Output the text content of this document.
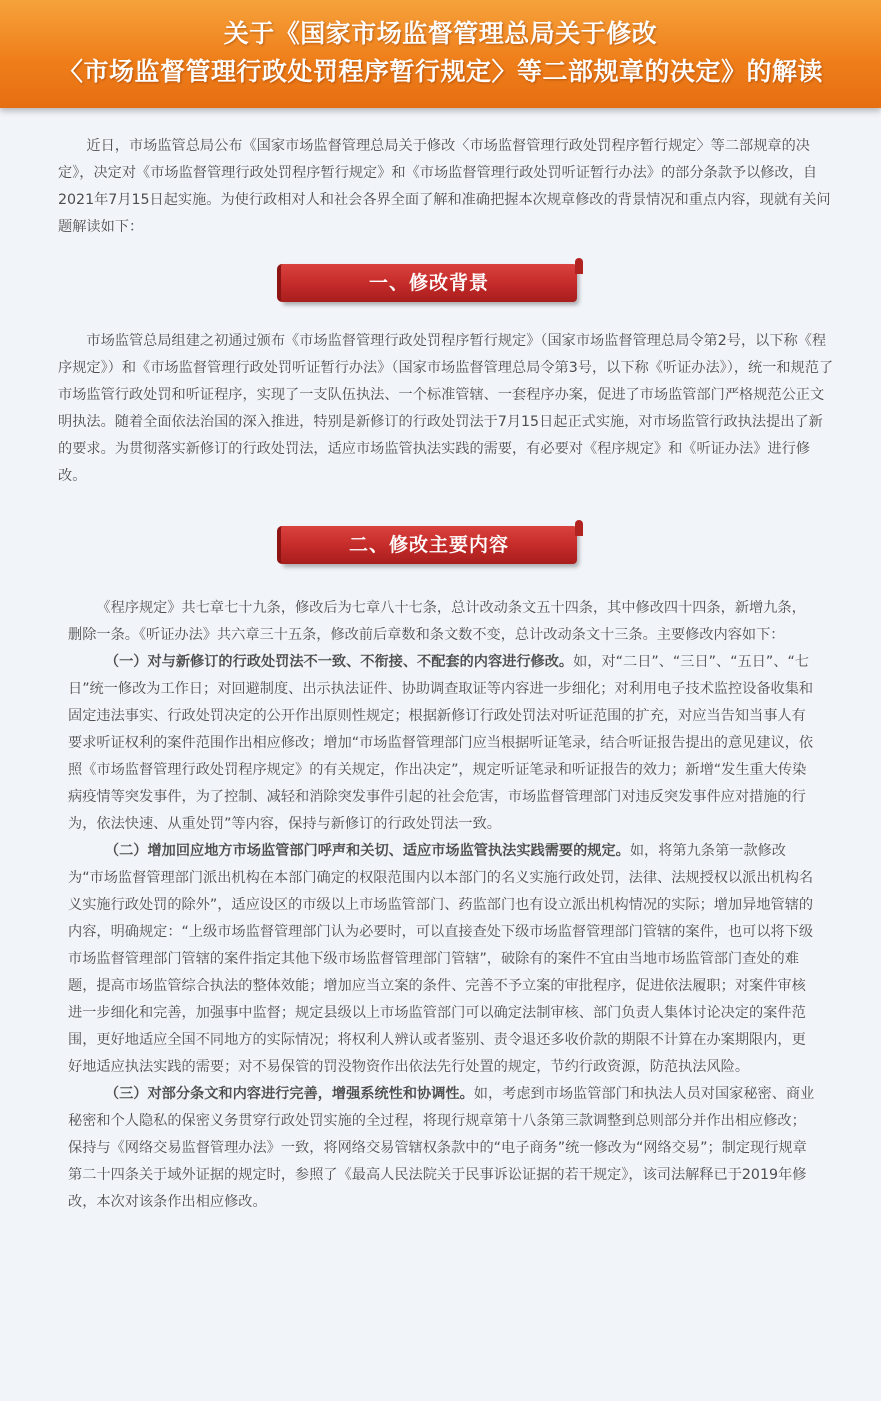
关于《国家市场监督管理总局关于修改
〈市场监督管理行政处罚程序暂行规定〉等二部规章的决定》的解读

近日，市场监管总局公布《国家市场监督管理总局关于修改〈市场监督管理行政处罚程序暂行规定〉等二部规章的决定》，决定对《市场监督管理行政处罚程序暂行规定》和《市场监督管理行政处罚听证暂行办法》的部分条款予以修改，自2021年7月15日起实施。为使行政相对人和社会各界全面了解和准确把握本次规章修改的背景情况和重点内容，现就有关问题解读如下：

一、修改背景

市场监管总局组建之初通过颁布《市场监督管理行政处罚程序暂行规定》（国家市场监督管理总局令第2号，以下称《程序规定》）和《市场监督管理行政处罚听证暂行办法》（国家市场监督管理总局令第3号，以下称《听证办法》），统一和规范了市场监管行政处罚和听证程序，实现了一支队伍执法、一个标准管辖、一套程序办案，促进了市场监管部门严格规范公正文明执法。随着全面依法治国的深入推进，特别是新修订的行政处罚法于7月15日起正式实施，对市场监管行政执法提出了新的要求。为贯彻落实新修订的行政处罚法，适应市场监管执法实践的需要，有必要对《程序规定》和《听证办法》进行修改。

二、修改主要内容

《程序规定》共七章七十九条，修改后为七章八十七条，总计改动条文五十四条，其中修改四十四条，新增九条，删除一条。《听证办法》共六章三十五条，修改前后章数和条文数不变，总计改动条文十三条。主要修改内容如下：

（一）对与新修订的行政处罚法不一致、不衔接、不配套的内容进行修改。如，对“二日”、“三日”、“五日”、“七日”统一修改为工作日；对回避制度、出示执法证件、协助调查取证等内容进一步细化；对利用电子技术监控设备收集和固定违法事实、行政处罚决定的公开作出原则性规定；根据新修订行政处罚法对听证范围的扩充，对应当告知当事人有要求听证权利的案件范围作出相应修改；增加“市场监督管理部门应当根据听证笔录，结合听证报告提出的意见建议，依照《市场监督管理行政处罚程序规定》的有关规定，作出决定”，规定听证笔录和听证报告的效力；新增“发生重大传染病疫情等突发事件，为了控制、减轻和消除突发事件引起的社会危害，市场监督管理部门对违反突发事件应对措施的行为，依法快速、从重处罚”等内容，保持与新修订的行政处罚法一致。

（二）增加回应地方市场监管部门呼声和关切、适应市场监管执法实践需要的规定。如，将第九条第一款修改为“市场监督管理部门派出机构在本部门确定的权限范围内以本部门的名义实施行政处罚，法律、法规授权以派出机构名义实施行政处罚的除外”，适应设区的市级以上市场监管部门、药监部门也有设立派出机构情况的实际；增加异地管辖的内容，明确规定：“上级市场监督管理部门认为必要时，可以直接查处下级市场监督管理部门管辖的案件，也可以将下级市场监督管理部门管辖的案件指定其他下级市场监督管理部门管辖”，破除有的案件不宜由当地市场监管部门查处的难题，提高市场监管综合执法的整体效能；增加应当立案的条件、完善不予立案的审批程序，促进依法履职；对案件审核进一步细化和完善，加强事中监督；规定县级以上市场监管部门可以确定法制审核、部门负责人集体讨论决定的案件范围，更好地适应全国不同地方的实际情况；将权利人辨认或者鉴别、责令退还多收价款的期限不计算在办案期限内，更好地适应执法实践的需要；对不易保管的罚没物资作出依法先行处置的规定，节约行政资源，防范执法风险。

（三）对部分条文和内容进行完善，增强系统性和协调性。如，考虑到市场监管部门和执法人员对国家秘密、商业秘密和个人隐私的保密义务贯穿行政处罚实施的全过程，将现行规章第十八条第三款调整到总则部分并作出相应修改；保持与《网络交易监督管理办法》一致，将网络交易管辖权条款中的“电子商务”统一修改为“网络交易”；制定现行规章第二十四条关于域外证据的规定时，参照了《最高人民法院关于民事诉讼证据的若干规定》，该司法解释已于2019年修改，本次对该条作出相应修改。
